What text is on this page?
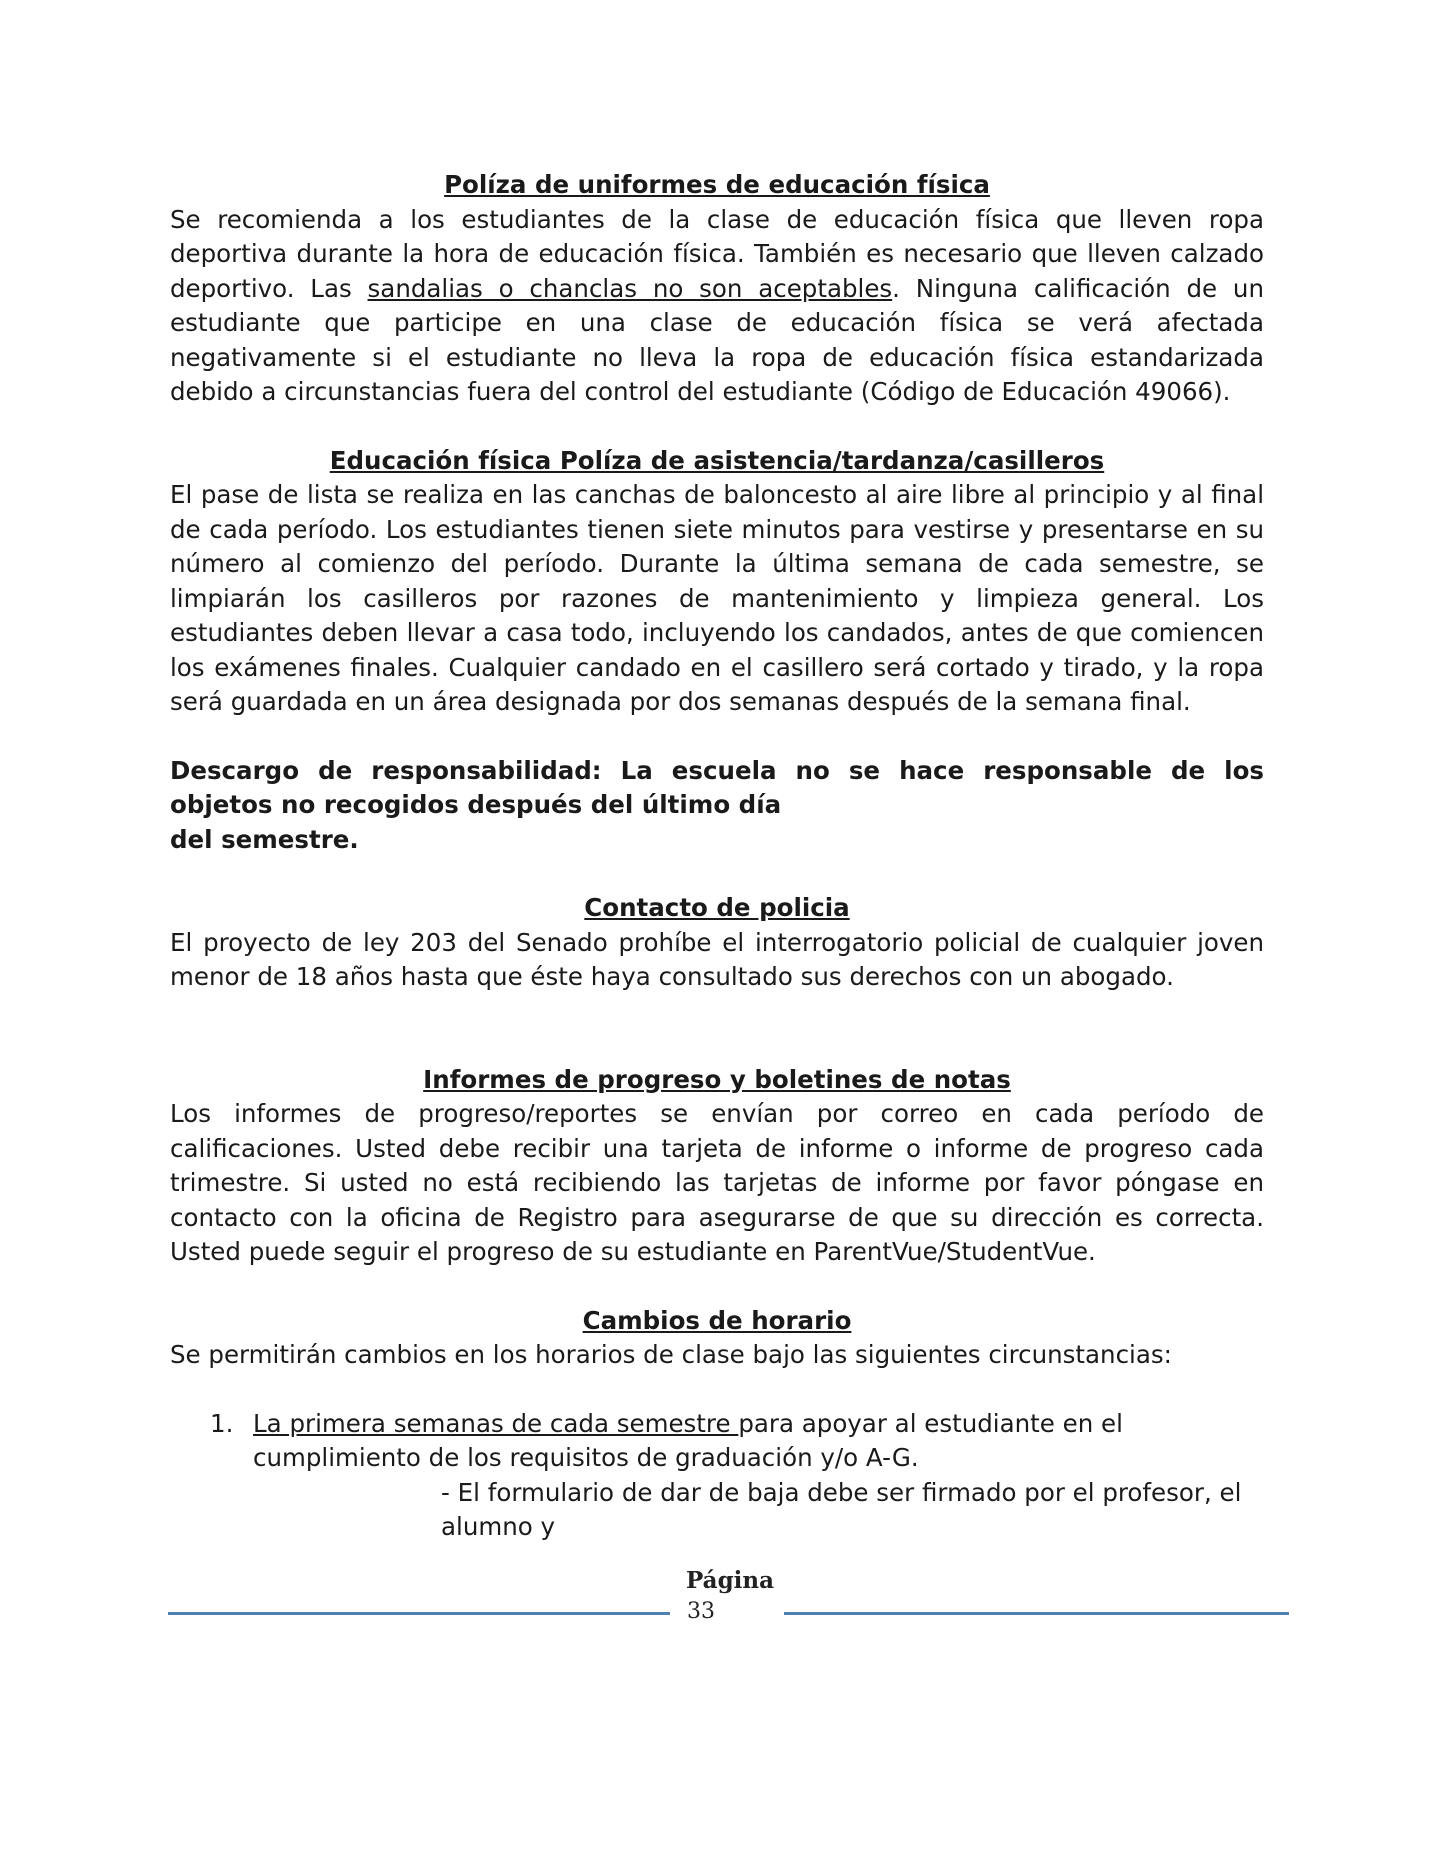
Políza de uniformes de educación física

Se recomienda a los estudiantes de la clase de educación física que lleven ropa deportiva durante la hora de educación física. También es necesario que lleven calzado deportivo. Las sandalias o chanclas no son aceptables. Ninguna calificación de un estudiante que participe en una clase de educación física se verá afectada negativamente si el estudiante no lleva la ropa de educación física estandarizada debido a circunstancias fuera del control del estudiante (Código de Educación 49066).

Educación física Políza de asistencia/tardanza/casilleros

El pase de lista se realiza en las canchas de baloncesto al aire libre al principio y al final de cada período. Los estudiantes tienen siete minutos para vestirse y presentarse en su número al comienzo del período. Durante la última semana de cada semestre, se limpiarán los casilleros por razones de mantenimiento y limpieza general. Los estudiantes deben llevar a casa todo, incluyendo los candados, antes de que comiencen los exámenes finales. Cualquier candado en el casillero será cortado y tirado, y la ropa será guardada en un área designada por dos semanas después de la semana final.

Descargo de responsabilidad: La escuela no se hace responsable de los objetos no recogidos después del último día

del semestre.

Contacto de policia

El proyecto de ley 203 del Senado prohíbe el interrogatorio policial de cualquier joven menor de 18 años hasta que éste haya consultado sus derechos con un abogado.

Informes de progreso y boletines de notas

Los informes de progreso/reportes se envían por correo en cada período de calificaciones. Usted debe recibir una tarjeta de informe o informe de progreso cada trimestre. Si usted no está recibiendo las tarjetas de informe por favor póngase en contacto con la oficina de Registro para asegurarse de que su dirección es correcta. Usted puede seguir el progreso de su estudiante en ParentVue/StudentVue.

Cambios de horario

Se permitirán cambios en los horarios de clase bajo las siguientes circunstancias:

1. La primera semanas de cada semestre para apoyar al estudiante en el cumplimiento de los requisitos de graduación y/o A-G.
- El formulario de dar de baja debe ser firmado por el profesor, el alumno y
Página
33
